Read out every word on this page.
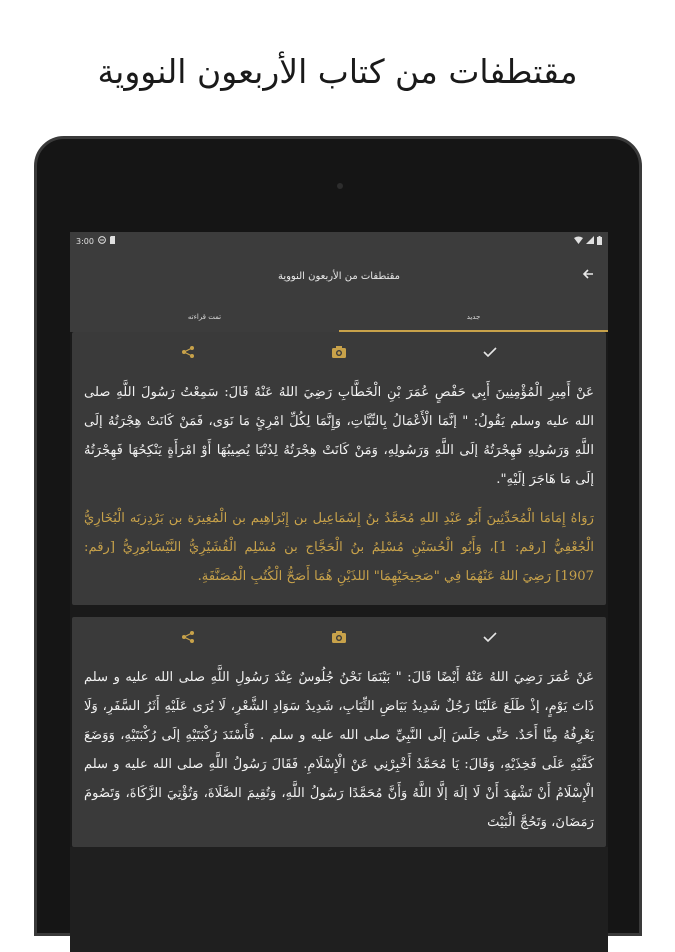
مقتطفات من كتاب الأربعون النووية
3:00
مقتطفات من الأربعون النووية
جديد
تمت قراءته
عَنْ أَمِيرِ الْمُؤْمِنِينَ أَبِي حَفْصٍ عُمَرَ بْنِ الْخَطَّابِ رَضِيَ اللهُ عَنْهُ قَالَ: سَمِعْتُ رَسُولَ اللَّهِ صلى الله عليه وسلم يَقُولُ: " إنَّمَا الْأَعْمَالُ بِالنِّيَّاتِ، وَإِنَّمَا لِكُلِّ امْرِئٍ مَا نَوَى، فَمَنْ كَانَتْ هِجْرَتُهُ إلَى اللَّهِ وَرَسُولِهِ فَهِجْرَتُهُ إلَى اللَّهِ وَرَسُولِهِ، وَمَنْ كَانَتْ هِجْرَتُهُ لِدُنْيَا يُصِيبُهَا أَوْ امْرَأَةٍ يَنْكِحُهَا فَهِجْرَتُهُ إلَى مَا هَاجَرَ إلَيْهِ".
رَوَاهُ إِمَامَا الْمُحَدِّثِينَ أَبُو عَبْدِ اللهِ مُحَمَّدُ بنُ إِسْمَاعِيل بن إِبْرَاهِيم بن الْمُغِيرَة بن بَرْدِزبَه الْبُخَارِيُّ الْجُعْفِيُّ [رقم: 1]، وَأَبُو الْحُسَيْنِ مُسْلِمُ بنُ الْحَجَّاج بن مُسْلِم الْقُشَيْرِيُّ النَّيْسَابُورِيُّ [رقم: 1907] رَضِيَ اللهُ عَنْهُمَا فِي "صَحِيحَيْهِمَا" اللذَيْنِ هُمَا أَصَحُّ الْكُتُبِ الْمُصَنَّفَةِ.
عَنْ عُمَرَ رَضِيَ اللهُ عَنْهُ أَيْضًا قَالَ: " بَيْنَمَا نَحْنُ جُلُوسٌ عِنْدَ رَسُولِ اللَّهِ صلى الله عليه و سلم ذَاتَ يَوْمٍ، إذْ طَلَعَ عَلَيْنَا رَجُلٌ شَدِيدُ بَيَاضِ الثِّيَابِ، شَدِيدُ سَوَادِ الشَّعْرِ، لَا يُرَى عَلَيْهِ أَثَرُ السَّفَرِ، وَلَا يَعْرِفُهُ مِنَّا أَحَدٌ. حَتَّى جَلَسَ إلَى النَّبِيِّ صلى الله عليه و سلم . فَأَسْنَدَ رُكْبَتَيْهِ إلَى رُكْبَتَيْهِ، وَوَضَعَ كَفَّيْهِ عَلَى فَخِذَيْهِ، وَقَالَ: يَا مُحَمَّدُ أَخْبِرْنِي عَنْ الْإِسْلَامِ. فَقَالَ رَسُولُ اللَّهِ صلى الله عليه و سلم الْإِسْلَامُ أَنْ تَشْهَدَ أَنْ لَا إلَهَ إلَّا اللَّهُ وَأَنَّ مُحَمَّدًا رَسُولُ اللَّهِ، وَتُقِيمَ الصَّلَاةَ، وَتُؤْتِيَ الزَّكَاةَ، وَتَصُومَ رَمَضَانَ، وَتَحُجَّ الْبَيْتَ
